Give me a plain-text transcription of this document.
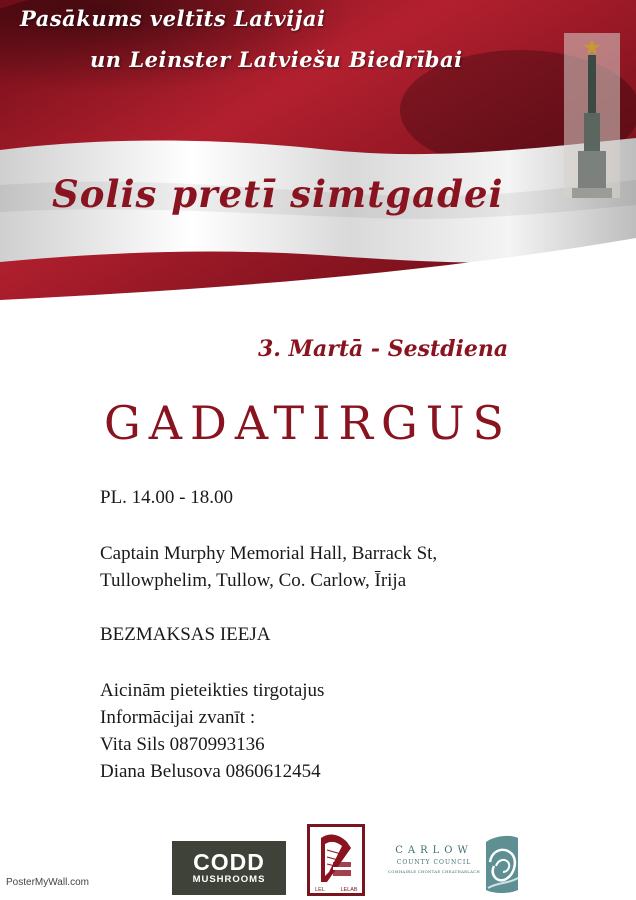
Pasākums veltīts Latvijai
un Leinster Latviešu Biedrībai
Solis pretī simtgadei
3. Martā - Sestdiena
GADATIRGUS
PL. 14.00 - 18.00
Captain Murphy Memorial Hall, Barrack St,
Tullowphelim, Tullow, Co. Carlow, Īrija
BEZMAKSAS IEEJA
Aicinām pieteikties tirgotajus
Informācijai zvanīt :
Vita Sils 0870993136
Diana Belusova 0860612454
CODD
MUSHROOMS
LEL	LELAB
CARLOW
COUNTY COUNCIL
COMHAIRLE CHONTAE CHEATHARLACH
PosterMyWall.com
